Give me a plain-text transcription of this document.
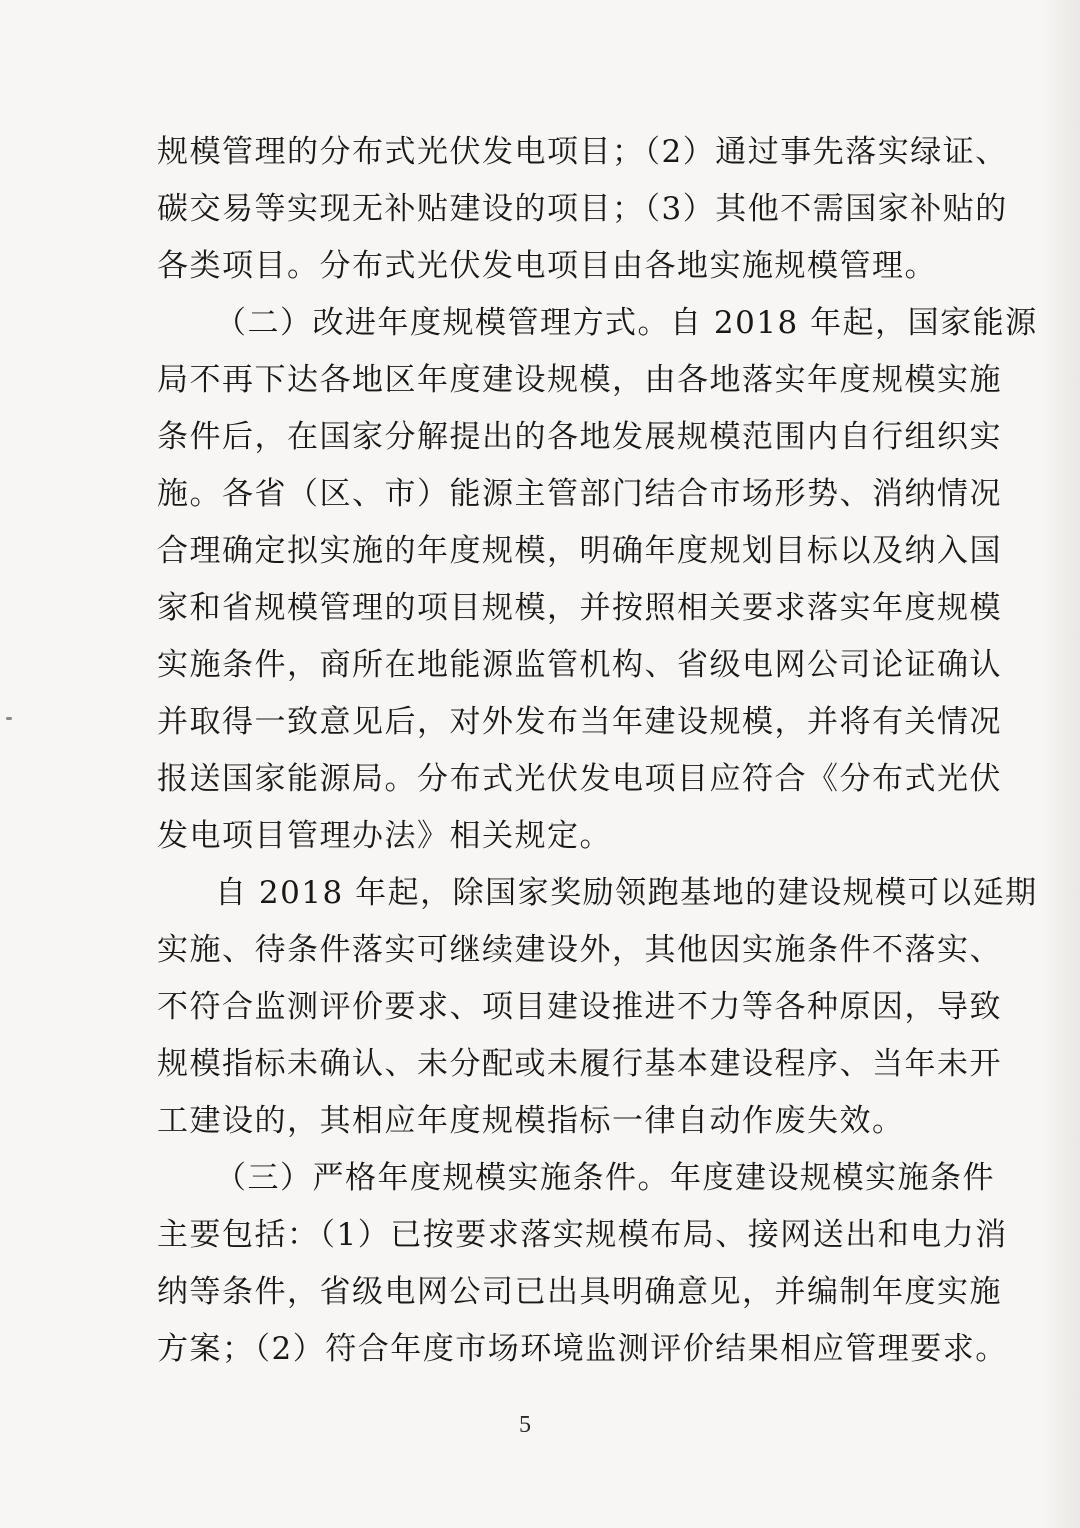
规模管理的分布式光伏发电项目；（2）通过事先落实绿证、
碳交易等实现无补贴建设的项目；（3）其他不需国家补贴的
各类项目。分布式光伏发电项目由各地实施规模管理。
（二）改进年度规模管理方式。自 2018 年起，国家能源
局不再下达各地区年度建设规模，由各地落实年度规模实施
条件后，在国家分解提出的各地发展规模范围内自行组织实
施。各省（区、市）能源主管部门结合市场形势、消纳情况
合理确定拟实施的年度规模，明确年度规划目标以及纳入国
家和省规模管理的项目规模，并按照相关要求落实年度规模
实施条件，商所在地能源监管机构、省级电网公司论证确认
并取得一致意见后，对外发布当年建设规模，并将有关情况
报送国家能源局。分布式光伏发电项目应符合《分布式光伏
发电项目管理办法》相关规定。
自 2018 年起，除国家奖励领跑基地的建设规模可以延期
实施、待条件落实可继续建设外，其他因实施条件不落实、
不符合监测评价要求、项目建设推进不力等各种原因，导致
规模指标未确认、未分配或未履行基本建设程序、当年未开
工建设的，其相应年度规模指标一律自动作废失效。
（三）严格年度规模实施条件。年度建设规模实施条件
主要包括：（1）已按要求落实规模布局、接网送出和电力消
纳等条件，省级电网公司已出具明确意见，并编制年度实施
方案；（2）符合年度市场环境监测评价结果相应管理要求。
5
